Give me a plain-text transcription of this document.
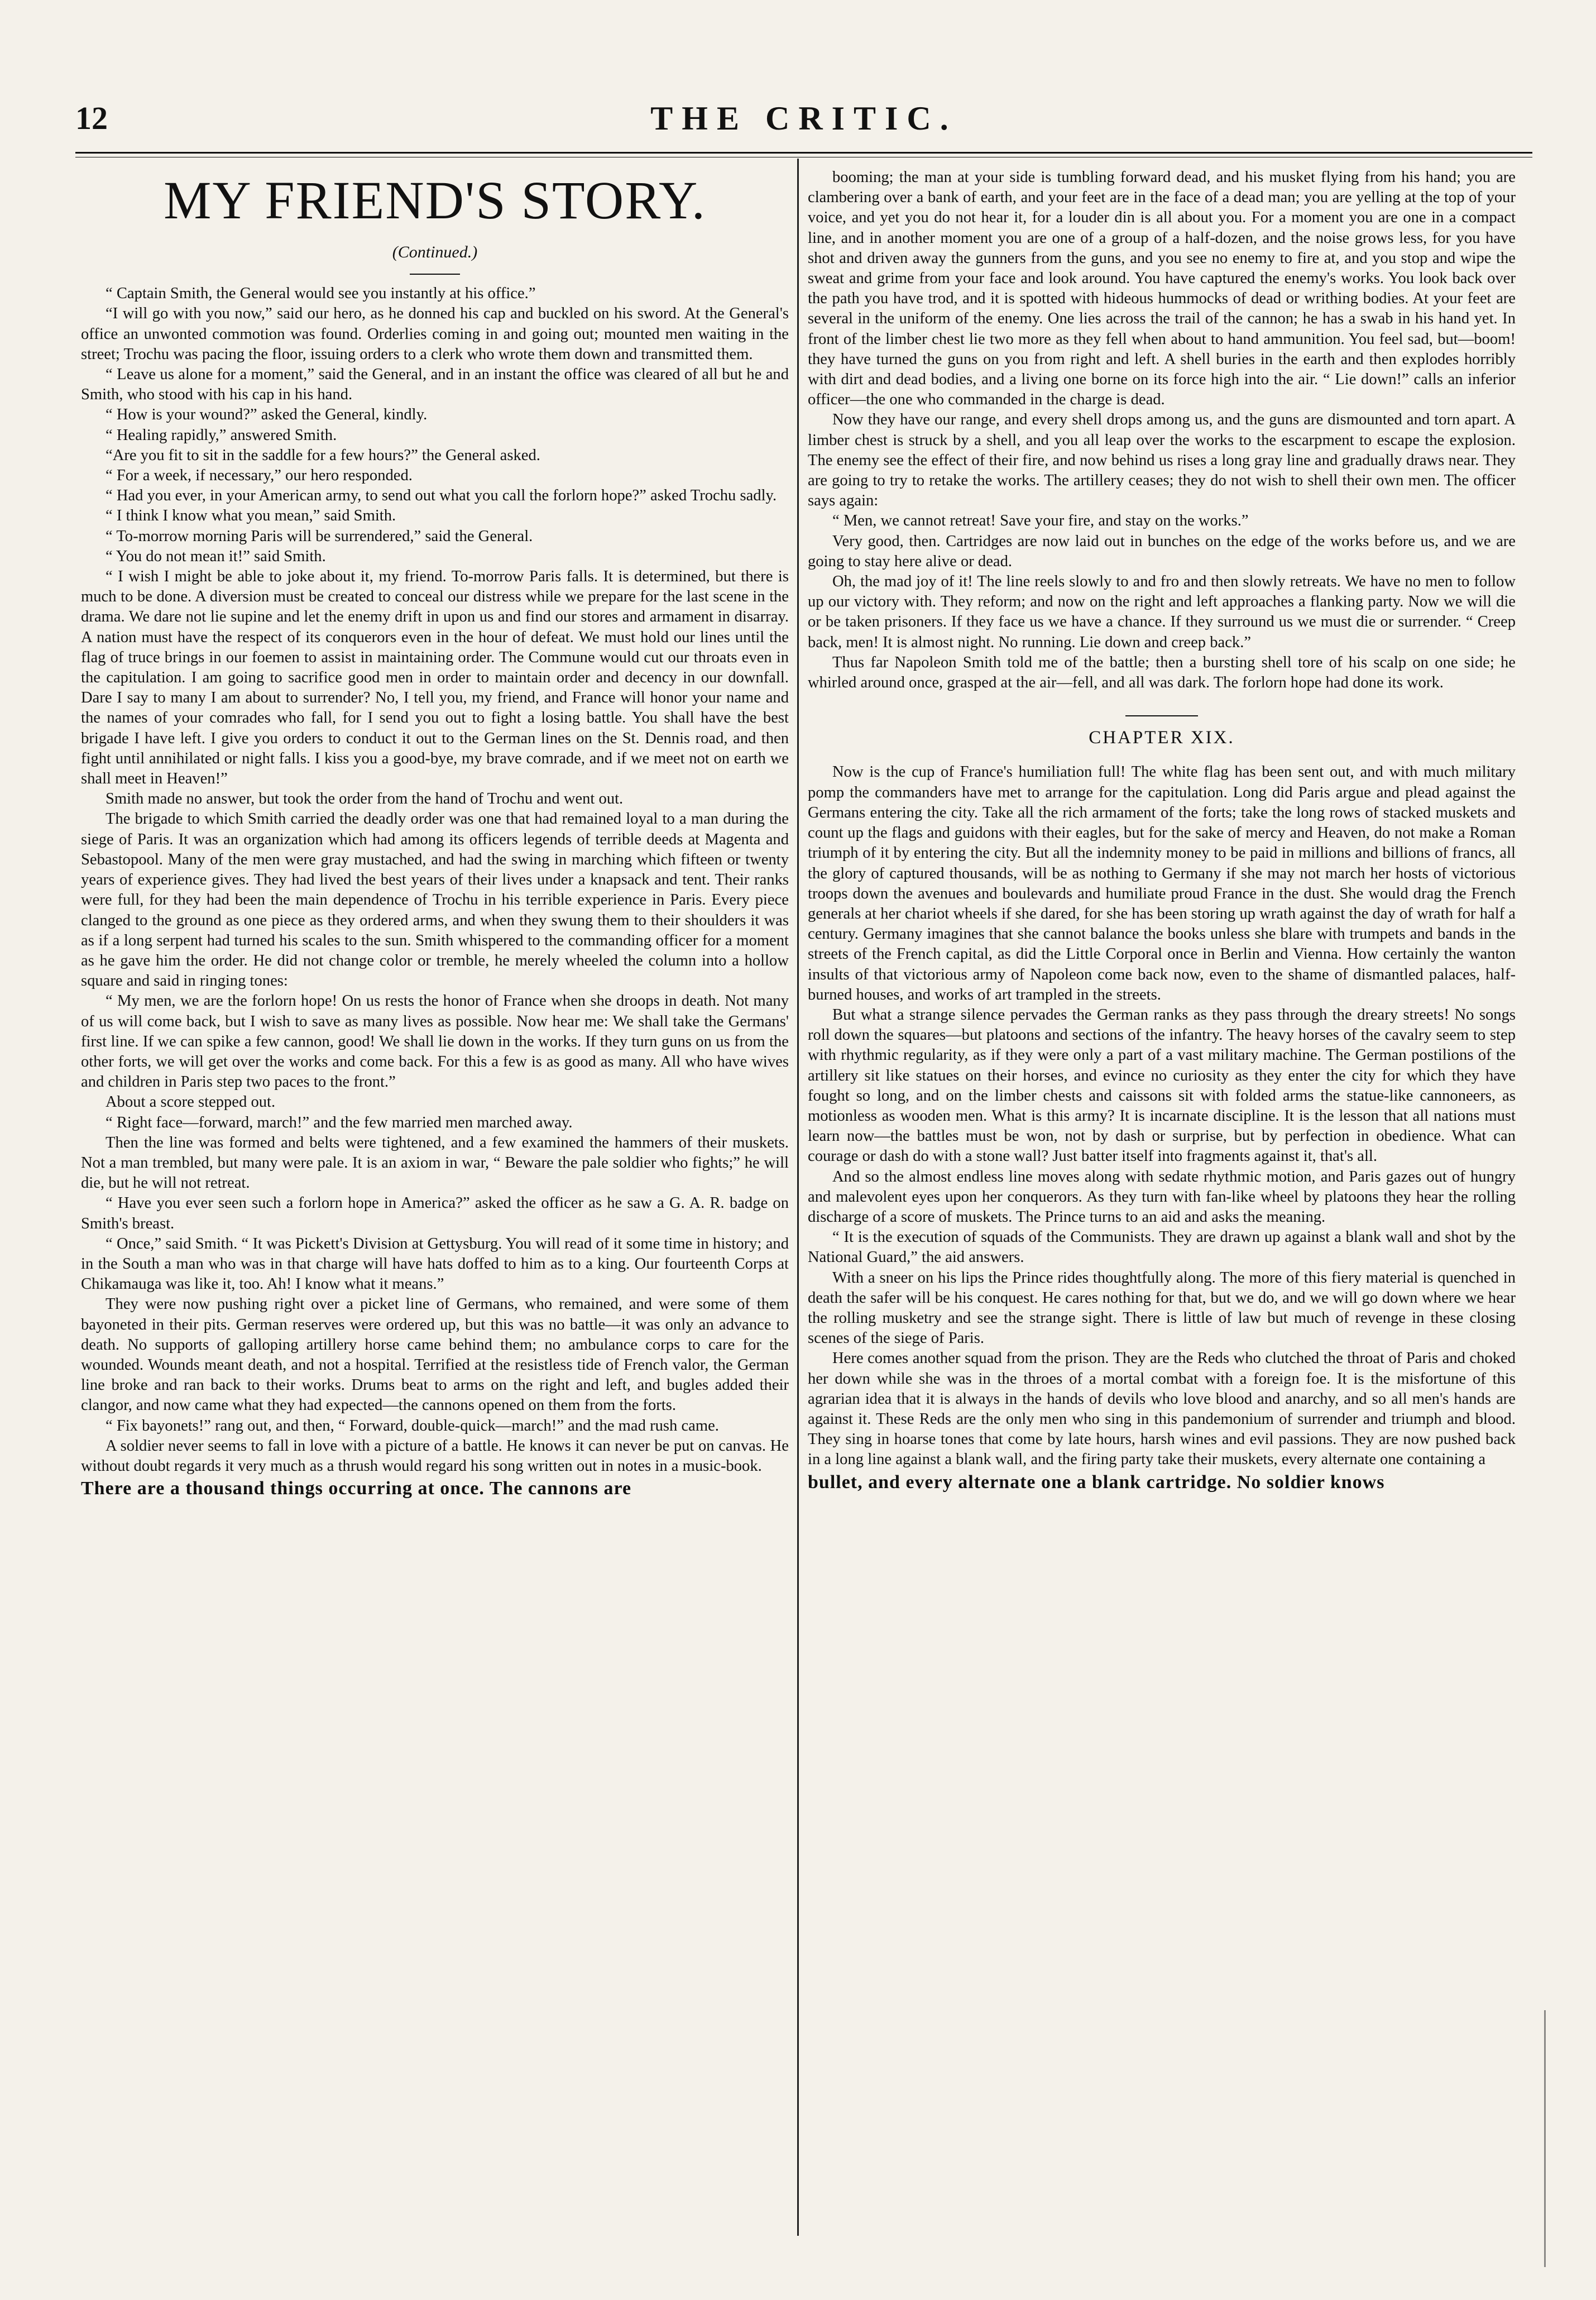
12	THE CRITIC.
MY FRIEND'S STORY.
(Continued.)

“ Captain Smith, the General would see you instantly at his office.”

“I will go with you now,” said our hero, as he donned his cap and buckled on his sword. At the General's office an unwonted commotion was found. Orderlies coming in and going out; mounted men waiting in the street; Trochu was pacing the floor, issuing orders to a clerk who wrote them down and transmitted them.

“ Leave us alone for a moment,” said the General, and in an instant the office was cleared of all but he and Smith, who stood with his cap in his hand.

“ How is your wound?” asked the General, kindly.

“ Healing rapidly,” answered Smith.

“Are you fit to sit in the saddle for a few hours?” the General asked.

“ For a week, if necessary,” our hero responded.

“ Had you ever, in your American army, to send out what you call the forlorn hope?” asked Trochu sadly.

“ I think I know what you mean,” said Smith.

“ To-morrow morning Paris will be surrendered,” said the General.

“ You do not mean it!” said Smith.

“ I wish I might be able to joke about it, my friend. To-morrow Paris falls. It is determined, but there is much to be done. A diversion must be created to conceal our distress while we prepare for the last scene in the drama. We dare not lie supine and let the enemy drift in upon us and find our stores and armament in disarray. A nation must have the respect of its conquerors even in the hour of defeat. We must hold our lines until the flag of truce brings in our foemen to assist in maintaining order. The Commune would cut our throats even in the capitulation. I am going to sacrifice good men in order to maintain order and decency in our downfall. Dare I say to many I am about to surrender? No, I tell you, my friend, and France will honor your name and the names of your comrades who fall, for I send you out to fight a losing battle. You shall have the best brigade I have left. I give you orders to conduct it out to the German lines on the St. Dennis road, and then fight until annihilated or night falls. I kiss you a good-bye, my brave comrade, and if we meet not on earth we shall meet in Heaven!”

Smith made no answer, but took the order from the hand of Trochu and went out.

The brigade to which Smith carried the deadly order was one that had remained loyal to a man during the siege of Paris. It was an organization which had among its officers legends of terrible deeds at Magenta and Sebastopool. Many of the men were gray mustached, and had the swing in marching which fifteen or twenty years of experience gives. They had lived the best years of their lives under a knapsack and tent. Their ranks were full, for they had been the main dependence of Trochu in his terrible experience in Paris. Every piece clanged to the ground as one piece as they ordered arms, and when they swung them to their shoulders it was as if a long serpent had turned his scales to the sun. Smith whispered to the commanding officer for a moment as he gave him the order. He did not change color or tremble, he merely wheeled the column into a hollow square and said in ringing tones:

“ My men, we are the forlorn hope! On us rests the honor of France when she droops in death. Not many of us will come back, but I wish to save as many lives as possible. Now hear me: We shall take the Germans' first line. If we can spike a few cannon, good! We shall lie down in the works. If they turn guns on us from the other forts, we will get over the works and come back. For this a few is as good as many. All who have wives and children in Paris step two paces to the front.”

About a score stepped out.

“ Right face—forward, march!” and the few married men marched away.

Then the line was formed and belts were tightened, and a few examined the hammers of their muskets. Not a man trembled, but many were pale. It is an axiom in war, “ Beware the pale soldier who fights;” he will die, but he will not retreat.

“ Have you ever seen such a forlorn hope in America?” asked the officer as he saw a G. A. R. badge on Smith's breast.

“ Once,” said Smith. “ It was Pickett's Division at Gettysburg. You will read of it some time in history; and in the South a man who was in that charge will have hats doffed to him as to a king. Our fourteenth Corps at Chikamauga was like it, too. Ah! I know what it means.”

They were now pushing right over a picket line of Germans, who remained, and were some of them bayoneted in their pits. German reserves were ordered up, but this was no battle—it was only an advance to death. No supports of galloping artillery horse came behind them; no ambulance corps to care for the wounded. Wounds meant death, and not a hospital. Terrified at the resistless tide of French valor, the German line broke and ran back to their works. Drums beat to arms on the right and left, and bugles added their clangor, and now came what they had expected—the cannons opened on them from the forts.

“ Fix bayonets!” rang out, and then, “ Forward, double-quick—march!” and the mad rush came.

A soldier never seems to fall in love with a picture of a battle. He knows it can never be put on canvas. He without doubt regards it very much as a thrush would regard his song written out in notes in a music-book.

There are a thousand things occurring at once. The cannons are

booming; the man at your side is tumbling forward dead, and his musket flying from his hand; you are clambering over a bank of earth, and your feet are in the face of a dead man; you are yelling at the top of your voice, and yet you do not hear it, for a louder din is all about you. For a moment you are one in a compact line, and in another moment you are one of a group of a half-dozen, and the noise grows less, for you have shot and driven away the gunners from the guns, and you see no enemy to fire at, and you stop and wipe the sweat and grime from your face and look around. You have captured the enemy's works. You look back over the path you have trod, and it is spotted with hideous hummocks of dead or writhing bodies. At your feet are several in the uniform of the enemy. One lies across the trail of the cannon; he has a swab in his hand yet. In front of the limber chest lie two more as they fell when about to hand ammunition. You feel sad, but—boom! they have turned the guns on you from right and left. A shell buries in the earth and then explodes horribly with dirt and dead bodies, and a living one borne on its force high into the air. “ Lie down!” calls an inferior officer—the one who commanded in the charge is dead.

Now they have our range, and every shell drops among us, and the guns are dismounted and torn apart. A limber chest is struck by a shell, and you all leap over the works to the escarpment to escape the explosion. The enemy see the effect of their fire, and now behind us rises a long gray line and gradually draws near. They are going to try to retake the works. The artillery ceases; they do not wish to shell their own men. The officer says again:

“ Men, we cannot retreat! Save your fire, and stay on the works.”

Very good, then. Cartridges are now laid out in bunches on the edge of the works before us, and we are going to stay here alive or dead.

Oh, the mad joy of it! The line reels slowly to and fro and then slowly retreats. We have no men to follow up our victory with. They reform; and now on the right and left approaches a flanking party. Now we will die or be taken prisoners. If they face us we have a chance. If they surround us we must die or surrender. “ Creep back, men! It is almost night. No running. Lie down and creep back.”

Thus far Napoleon Smith told me of the battle; then a bursting shell tore of his scalp on one side; he whirled around once, grasped at the air—fell, and all was dark. The forlorn hope had done its work.

CHAPTER XIX.

Now is the cup of France's humiliation full! The white flag has been sent out, and with much military pomp the commanders have met to arrange for the capitulation. Long did Paris argue and plead against the Germans entering the city. Take all the rich armament of the forts; take the long rows of stacked muskets and count up the flags and guidons with their eagles, but for the sake of mercy and Heaven, do not make a Roman triumph of it by entering the city. But all the indemnity money to be paid in millions and billions of francs, all the glory of captured thousands, will be as nothing to Germany if she may not march her hosts of victorious troops down the avenues and boulevards and humiliate proud France in the dust. She would drag the French generals at her chariot wheels if she dared, for she has been storing up wrath against the day of wrath for half a century. Germany imagines that she cannot balance the books unless she blare with trumpets and bands in the streets of the French capital, as did the Little Corporal once in Berlin and Vienna. How certainly the wanton insults of that victorious army of Napoleon come back now, even to the shame of dismantled palaces, half-burned houses, and works of art trampled in the streets.

But what a strange silence pervades the German ranks as they pass through the dreary streets! No songs roll down the squares—but platoons and sections of the infantry. The heavy horses of the cavalry seem to step with rhythmic regularity, as if they were only a part of a vast military machine. The German postilions of the artillery sit like statues on their horses, and evince no curiosity as they enter the city for which they have fought so long, and on the limber chests and caissons sit with folded arms the statue-like cannoneers, as motionless as wooden men. What is this army? It is incarnate discipline. It is the lesson that all nations must learn now—the battles must be won, not by dash or surprise, but by perfection in obedience. What can courage or dash do with a stone wall? Just batter itself into fragments against it, that's all.

And so the almost endless line moves along with sedate rhythmic motion, and Paris gazes out of hungry and malevolent eyes upon her conquerors. As they turn with fan-like wheel by platoons they hear the rolling discharge of a score of muskets. The Prince turns to an aid and asks the meaning.

“ It is the execution of squads of the Communists. They are drawn up against a blank wall and shot by the National Guard,” the aid answers.

With a sneer on his lips the Prince rides thoughtfully along. The more of this fiery material is quenched in death the safer will be his conquest. He cares nothing for that, but we do, and we will go down where we hear the rolling musketry and see the strange sight. There is little of law but much of revenge in these closing scenes of the siege of Paris.

Here comes another squad from the prison. They are the Reds who clutched the throat of Paris and choked her down while she was in the throes of a mortal combat with a foreign foe. It is the misfortune of this agrarian idea that it is always in the hands of devils who love blood and anarchy, and so all men's hands are against it. These Reds are the only men who sing in this pandemonium of surrender and triumph and blood. They sing in hoarse tones that come by late hours, harsh wines and evil passions. They are now pushed back in a long line against a blank wall, and the firing party take their muskets, every alternate one containing a

bullet, and every alternate one a blank cartridge. No soldier knows
